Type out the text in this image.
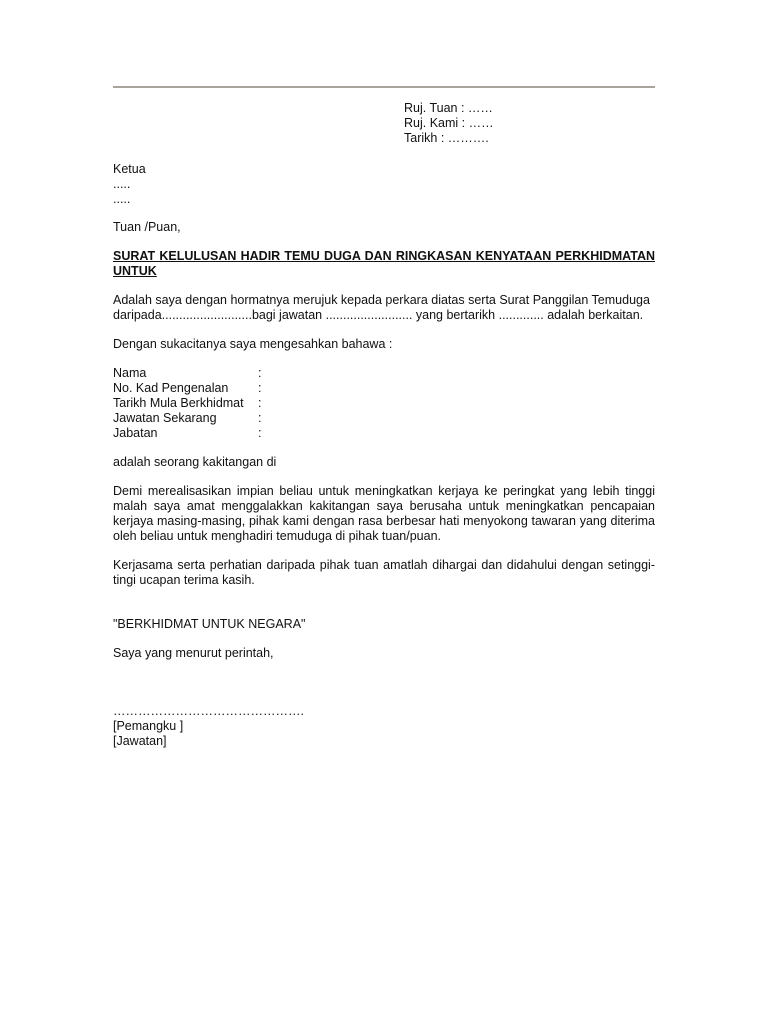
Ruj. Tuan : ……
Ruj. Kami : ……
Tarikh : ……….
Ketua
.....
.....
Tuan /Puan,
SURAT KELULUSAN HADIR TEMU DUGA DAN RINGKASAN KENYATAAN PERKHIDMATAN UNTUK
Adalah saya dengan hormatnya merujuk kepada perkara diatas serta Surat Panggilan Temuduga
daripada..........................bagi jawatan ......................... yang bertarikh ............. adalah berkaitan.
Dengan sukacitanya saya mengesahkan bahawa :
Nama	:
No. Kad Pengenalan	:
Tarikh Mula Berkhidmat	:
Jawatan Sekarang	:
Jabatan	:
adalah seorang kakitangan di
Demi merealisasikan impian beliau untuk meningkatkan kerjaya ke peringkat yang lebih tinggi malah saya amat menggalakkan kakitangan saya berusaha untuk meningkatkan pencapaian kerjaya masing-masing, pihak kami dengan rasa berbesar hati menyokong tawaran yang diterima oleh beliau untuk menghadiri temuduga di pihak tuan/puan.
Kerjasama serta perhatian daripada pihak tuan amatlah dihargai dan didahului dengan setinggi-tingi ucapan terima kasih.
"BERKHIDMAT UNTUK NEGARA"
Saya yang menurut perintah,
……………………………………….
[Pemangku ]
[Jawatan]
